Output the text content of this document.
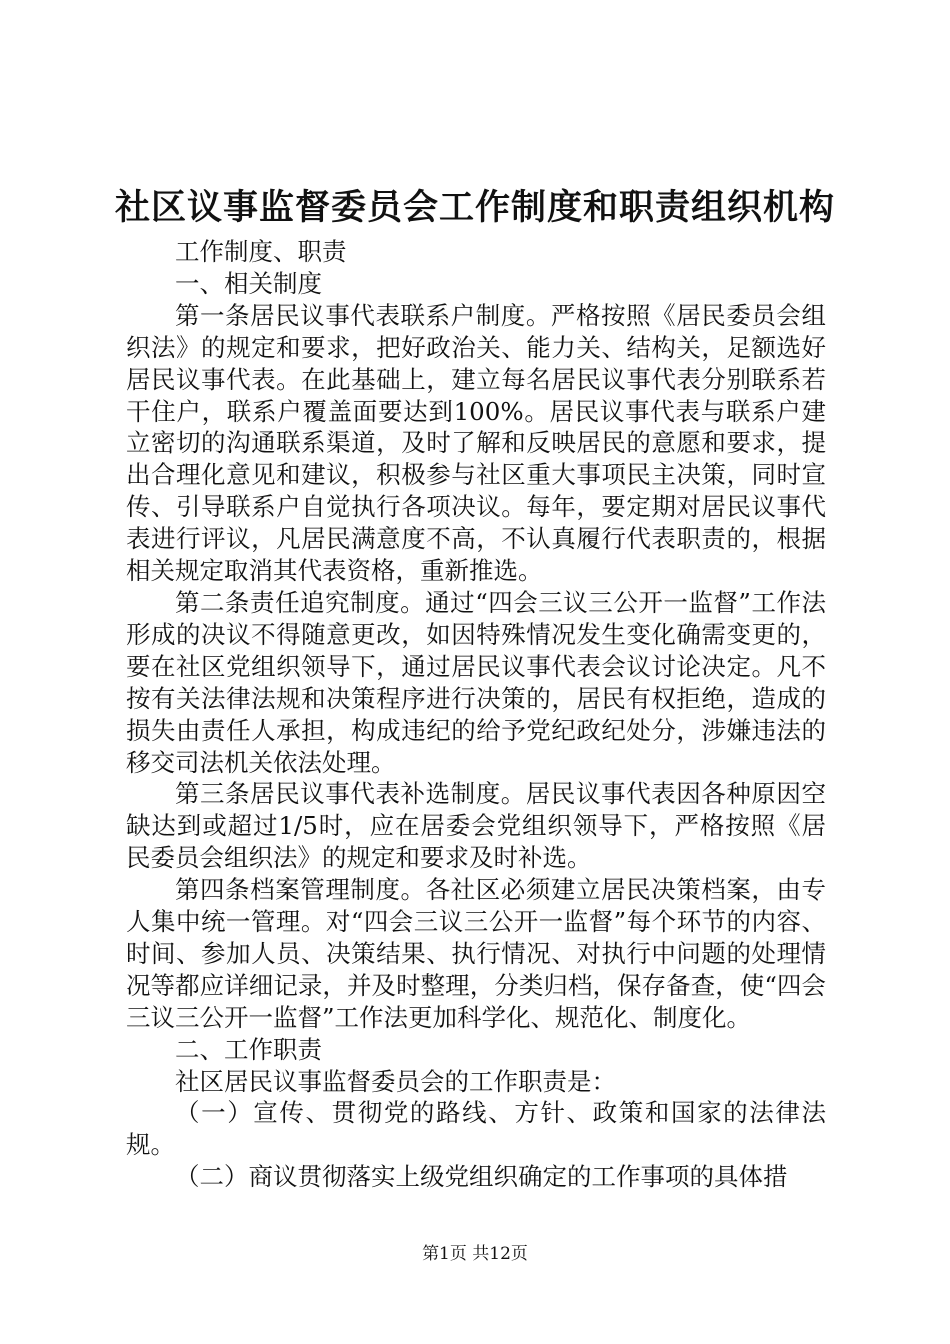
社区议事监督委员会工作制度和职责组织机构

工作制度、职责

一、相关制度

第一条居民议事代表联系户制度。严格按照《居民委员会组织法》的规定和要求，把好政治关、能力关、结构关，足额选好居民议事代表。在此基础上，建立每名居民议事代表分别联系若干住户，联系户覆盖面要达到100%。居民议事代表与联系户建立密切的沟通联系渠道，及时了解和反映居民的意愿和要求，提出合理化意见和建议，积极参与社区重大事项民主决策，同时宣传、引导联系户自觉执行各项决议。每年，要定期对居民议事代表进行评议，凡居民满意度不高，不认真履行代表职责的，根据相关规定取消其代表资格，重新推选。

第二条责任追究制度。通过“四会三议三公开一监督”工作法形成的决议不得随意更改，如因特殊情况发生变化确需变更的，要在社区党组织领导下，通过居民议事代表会议讨论决定。凡不按有关法律法规和决策程序进行决策的，居民有权拒绝，造成的损失由责任人承担，构成违纪的给予党纪政纪处分，涉嫌违法的移交司法机关依法处理。

第三条居民议事代表补选制度。居民议事代表因各种原因空缺达到或超过1/5时，应在居委会党组织领导下，严格按照《居民委员会组织法》的规定和要求及时补选。

第四条档案管理制度。各社区必须建立居民决策档案，由专人集中统一管理。对“四会三议三公开一监督”每个环节的内容、时间、参加人员、决策结果、执行情况、对执行中问题的处理情况等都应详细记录，并及时整理，分类归档，保存备查，使“四会三议三公开一监督”工作法更加科学化、规范化、制度化。

二、工作职责

社区居民议事监督委员会的工作职责是：

（一）宣传、贯彻党的路线、方针、政策和国家的法律法规。

（二）商议贯彻落实上级党组织确定的工作事项的具体措

第1页 共12页
